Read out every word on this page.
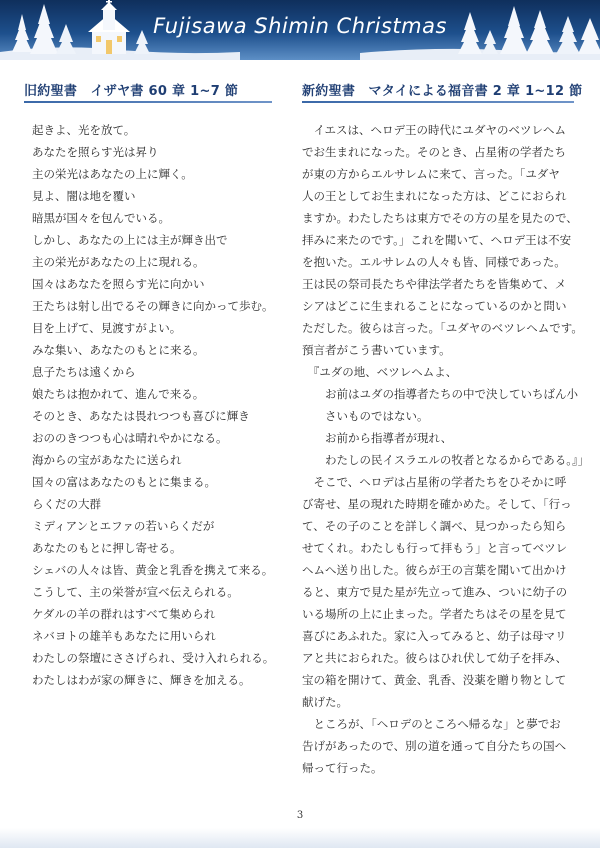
Fujisawa Shimin Christmas
旧約聖書　イザヤ書 60 章 1~7 節	新約聖書　マタイによる福音書 2 章 1~12 節
起きよ、光を放て。
あなたを照らす光は昇り
主の栄光はあなたの上に輝く。
見よ、闇は地を覆い
暗黒が国々を包んでいる。
しかし、あなたの上には主が輝き出で
主の栄光があなたの上に現れる。
国々はあなたを照らす光に向かい
王たちは射し出でるその輝きに向かって歩む。
目を上げて、見渡すがよい。
みな集い、あなたのもとに来る。
息子たちは遠くから
娘たちは抱かれて、進んで来る。
そのとき、あなたは畏れつつも喜びに輝き
おののきつつも心は晴れやかになる。
海からの宝があなたに送られ
国々の富はあなたのもとに集まる。
らくだの大群
ミディアンとエファの若いらくだが
あなたのもとに押し寄せる。
シェバの人々は皆、黄金と乳香を携えて来る。
こうして、主の栄誉が宣べ伝えられる。
ケダルの羊の群れはすべて集められ
ネバヨトの雄羊もあなたに用いられ
わたしの祭壇にささげられ、受け入れられる。
わたしはわが家の輝きに、輝きを加える。
　イエスは、ヘロデ王の時代にユダヤのベツレヘム
でお生まれになった。そのとき、占星術の学者たち
が東の方からエルサレムに来て、言った。「ユダヤ
人の王としてお生まれになった方は、どこにおられ
ますか。わたしたちは東方でその方の星を見たので、
拝みに来たのです。」これを聞いて、ヘロデ王は不安
を抱いた。エルサレムの人々も皆、同様であった。
王は民の祭司長たちや律法学者たちを皆集めて、メ
シアはどこに生まれることになっているのかと問い
ただした。彼らは言った。「ユダヤのベツレヘムです。
預言者がこう書いています。
　『ユダの地、ベツレヘムよ、
　　お前はユダの指導者たちの中で決していちばん小
　　さいものではない。
　　お前から指導者が現れ、
　　わたしの民イスラエルの牧者となるからである。』」
　そこで、ヘロデは占星術の学者たちをひそかに呼
び寄せ、星の現れた時期を確かめた。そして、「行っ
て、その子のことを詳しく調べ、見つかったら知ら
せてくれ。わたしも行って拝もう」と言ってベツレ
ヘムへ送り出した。彼らが王の言葉を聞いて出かけ
ると、東方で見た星が先立って進み、ついに幼子の
いる場所の上に止まった。学者たちはその星を見て
喜びにあふれた。家に入ってみると、幼子は母マリ
アと共におられた。彼らはひれ伏して幼子を拝み、
宝の箱を開けて、黄金、乳香、没薬を贈り物として
献げた。
　ところが、「ヘロデのところへ帰るな」と夢でお
告げがあったので、別の道を通って自分たちの国へ
帰って行った。
3
